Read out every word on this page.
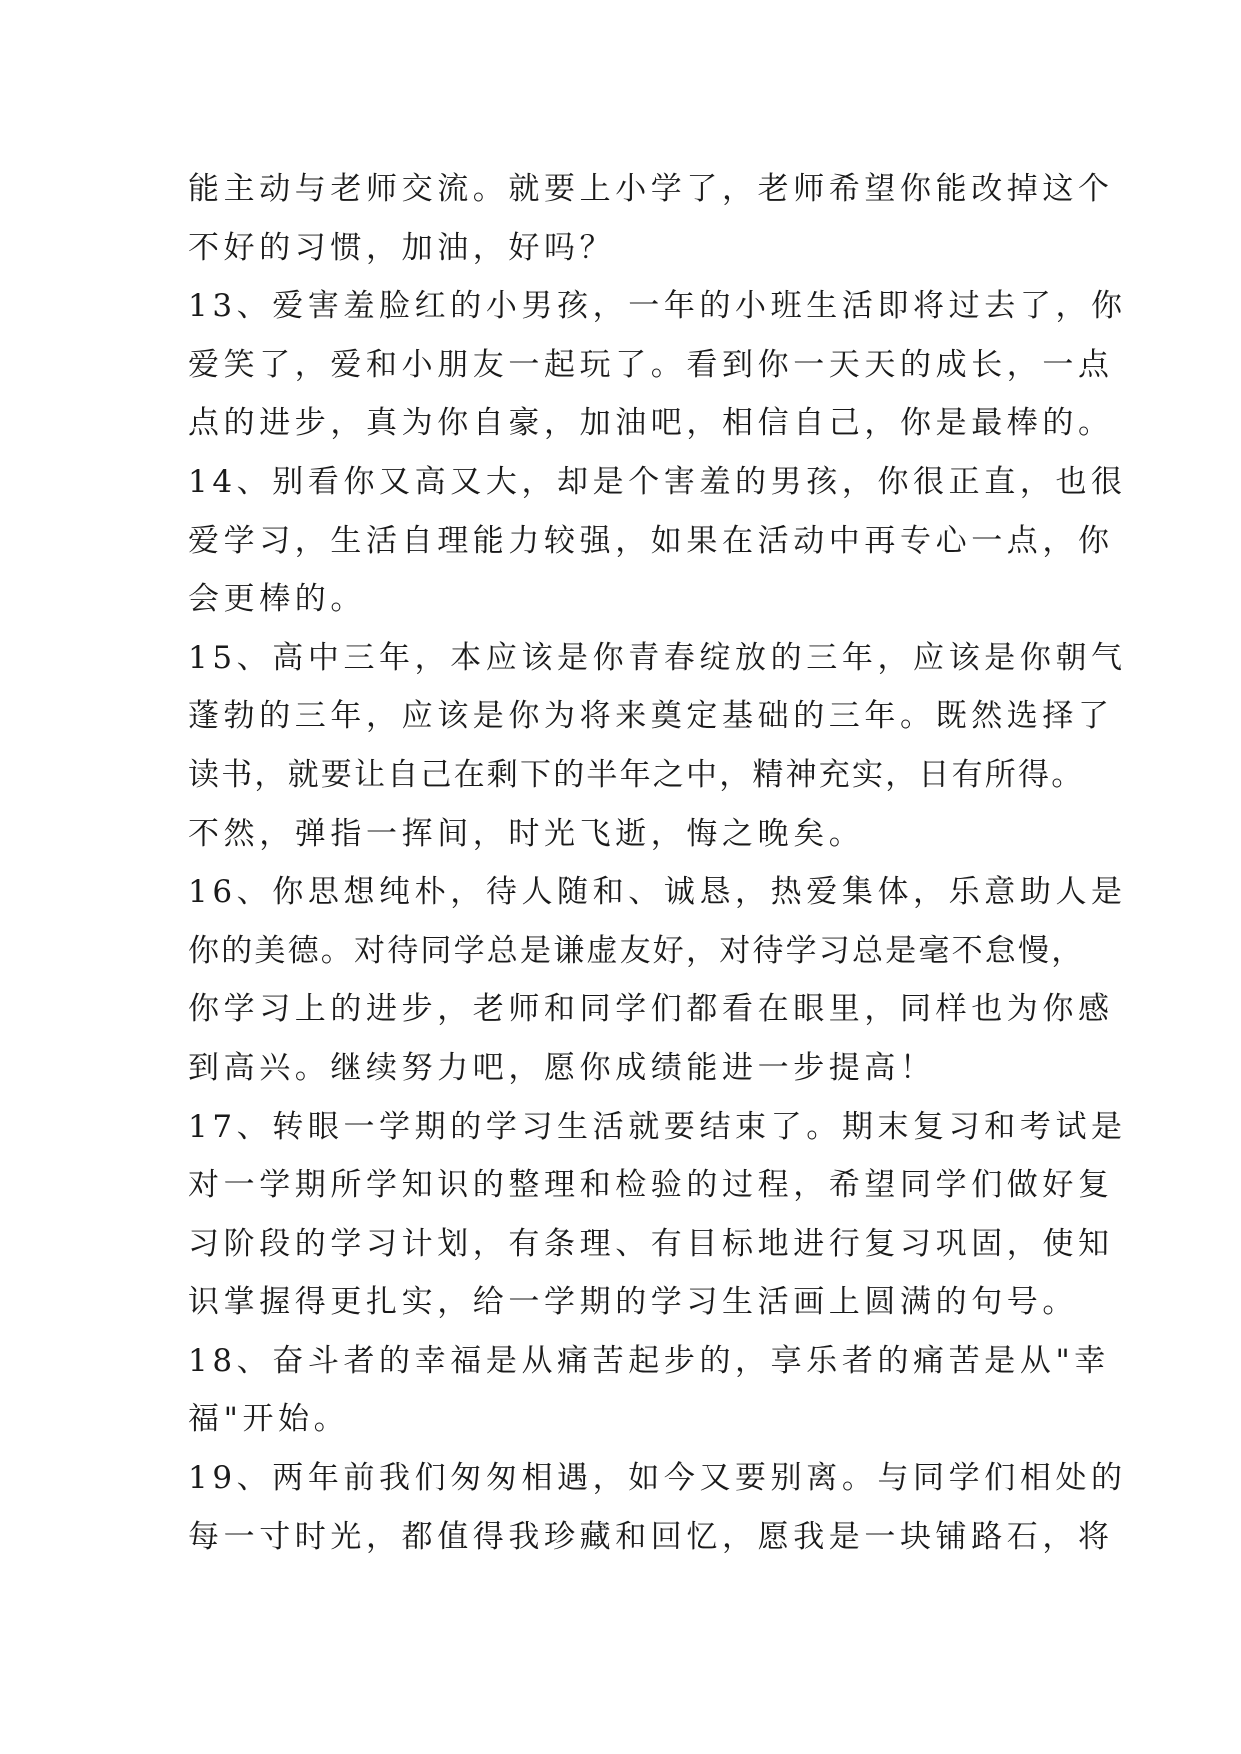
能主动与老师交流。就要上小学了，老师希望你能改掉这个
不好的习惯，加油，好吗？
13、爱害羞脸红的小男孩，一年的小班生活即将过去了，你
爱笑了，爱和小朋友一起玩了。看到你一天天的成长，一点
点的进步，真为你自豪，加油吧，相信自己，你是最棒的。
14、别看你又高又大，却是个害羞的男孩，你很正直，也很
爱学习，生活自理能力较强，如果在活动中再专心一点，你
会更棒的。
15、高中三年，本应该是你青春绽放的三年，应该是你朝气
蓬勃的三年，应该是你为将来奠定基础的三年。既然选择了
读书，就要让自己在剩下的半年之中，精神充实，日有所得。
不然，弹指一挥间，时光飞逝，悔之晚矣。
16、你思想纯朴，待人随和、诚恳，热爱集体，乐意助人是
你的美德。对待同学总是谦虚友好，对待学习总是毫不怠慢，
你学习上的进步，老师和同学们都看在眼里，同样也为你感
到高兴。继续努力吧，愿你成绩能进一步提高！
17、转眼一学期的学习生活就要结束了。期末复习和考试是
对一学期所学知识的整理和检验的过程，希望同学们做好复
习阶段的学习计划，有条理、有目标地进行复习巩固，使知
识掌握得更扎实，给一学期的学习生活画上圆满的句号。
18、奋斗者的幸福是从痛苦起步的，享乐者的痛苦是从"幸
福"开始。
19、两年前我们匆匆相遇，如今又要别离。与同学们相处的
每一寸时光，都值得我珍藏和回忆，愿我是一块铺路石，将
